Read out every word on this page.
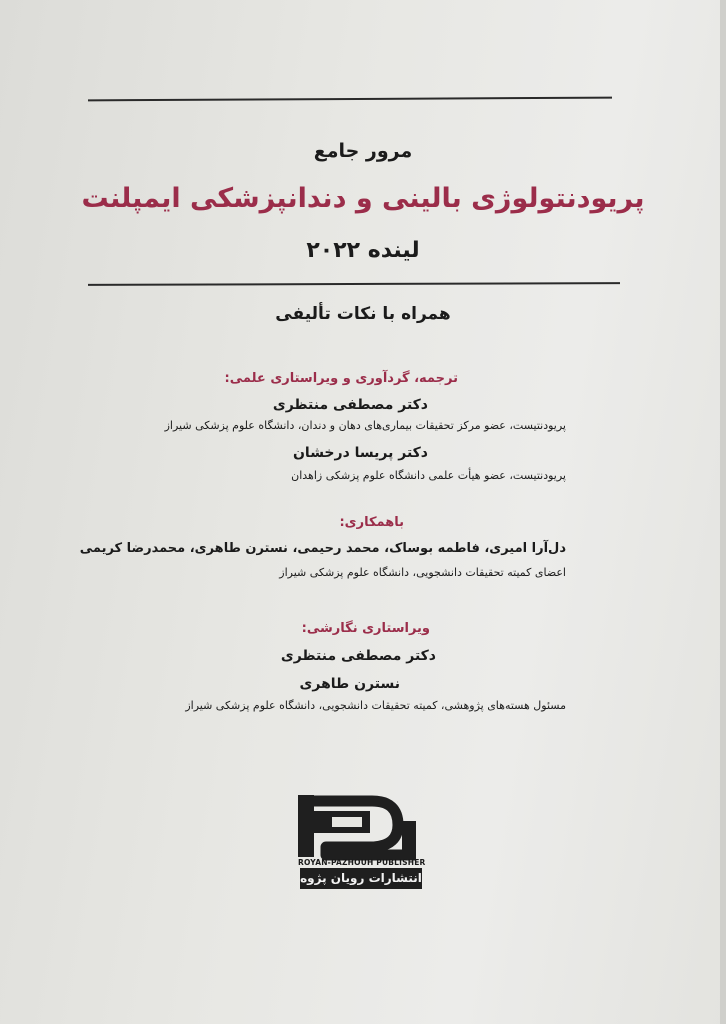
مرور جامع
پریودنتولوژی بالینی و دندانپزشکی ایمپلنت
لینده ۲۰۲۲
همراه با نکات تألیفی
ترجمه، گردآوری و ویراستاری علمی:
دکتر مصطفی منتظری
پریودنتیست، عضو مرکز تحقیقات بیماری‌های دهان و دندان، دانشگاه علوم پزشکی شیراز
دکتر پریسا درخشان
پریودنتیست، عضو هیأت علمی دانشگاه علوم پزشکی زاهدان
باهمکاری:
دل‌آرا امیری، فاطمه بوساک، محمد رحیمی، نسترن طاهری، محمدرضا کریمی
اعضای کمیته تحقیقات دانشجویی، دانشگاه علوم پزشکی شیراز
ویراستاری نگارشی:
دکتر مصطفی منتظری
نسترن طاهری
مسئول هسته‌های پژوهشی، کمیته تحقیقات دانشجویی، دانشگاه علوم پزشکی شیراز
ROYAN-PAZHOUH PUBLISHER
انتشارات رویان پژوه
